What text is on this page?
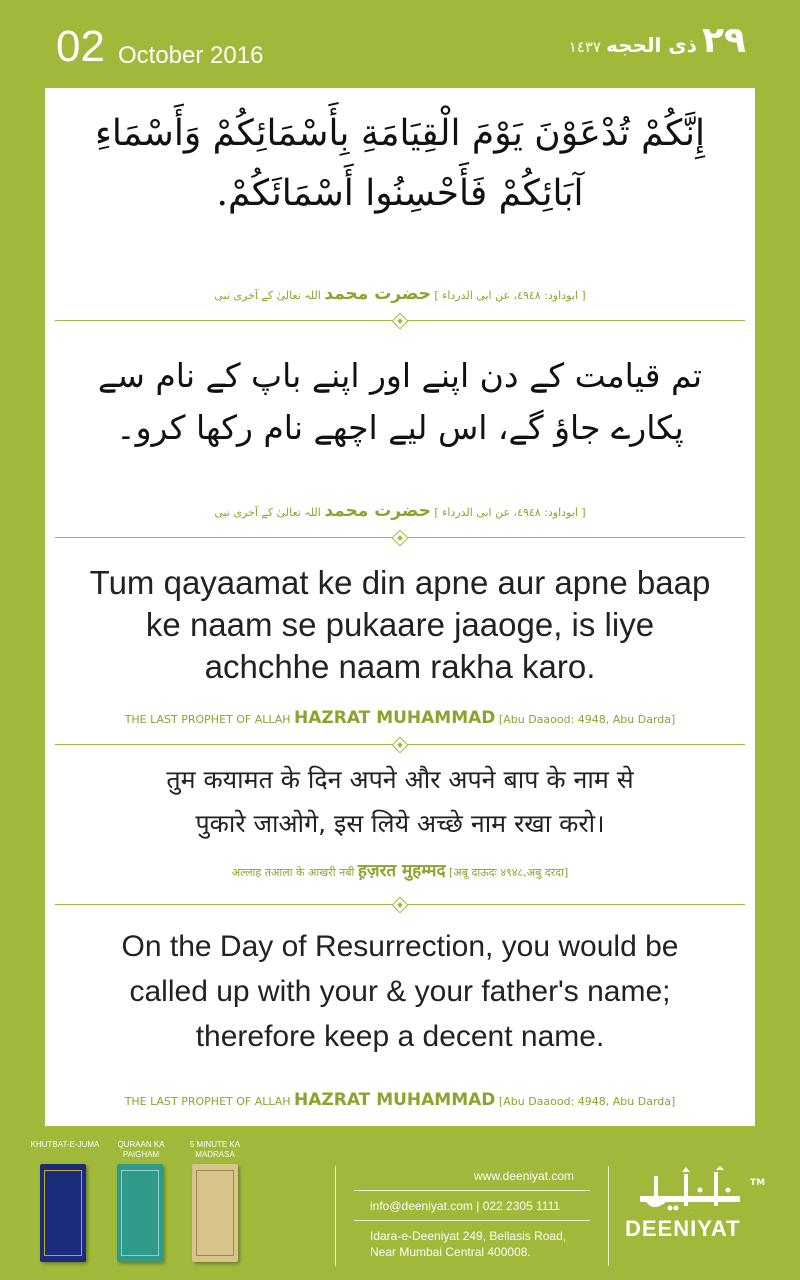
02 October 2016	٢٩ ذی الحجه ١٤٣٧
إِنَّكُمْ تُدْعَوْنَ يَوْمَ الْقِيَامَةِ بِأَسْمَائِكُمْ وَأَسْمَاءِ
آبَائِكُمْ فَأَحْسِنُوا أَسْمَائَكُمْ.
[ ابوداود: ٤٩٤٨، عن ابی الدرداء ] حضرت محمد اللہ تعالیٰ کے آخری نبی
تم قیامت کے دن اپنے اور اپنے باپ کے نام سے
پکارے جاؤ گے، اس لیے اچھے نام رکھا کرو۔
[ ابوداود: ٤٩٤٨، عن ابی الدرداء ] حضرت محمد اللہ تعالیٰ کے آخری نبی
Tum qayaamat ke din apne aur apne baap
ke naam se pukaare jaaoge, is liye
achchhe naam rakha karo.
THE LAST PROPHET OF ALLAH HAZRAT MUHAMMAD [Abu Daaood: 4948, Abu Darda]
तुम कयामत के दिन अपने और अपने बाप के नाम से
पुकारे जाओगे, इस लिये अच्छे नाम रखा करो।
अल्लाह तआला के आखरी नबी ह़ज़रत मुहम्मद [अबू दाऊदः ४९४८,अबु दरदा]
On the Day of Resurrection, you would be
called up with your & your father's name;
therefore keep a decent name.
THE LAST PROPHET OF ALLAH HAZRAT MUHAMMAD [Abu Daaood: 4948, Abu Darda]
KHUTBAT-E-JUMA	QURAAN KA PAIGHAM
5 MINUTE KA MADRASA
www.deeniyat.com
info@deeniyat.com | 022 2305 1111
Idara-e-Deeniyat 249, Bellasis Road,
Near Mumbai Central 400008.
دینیات
DEENIYAT
TM
